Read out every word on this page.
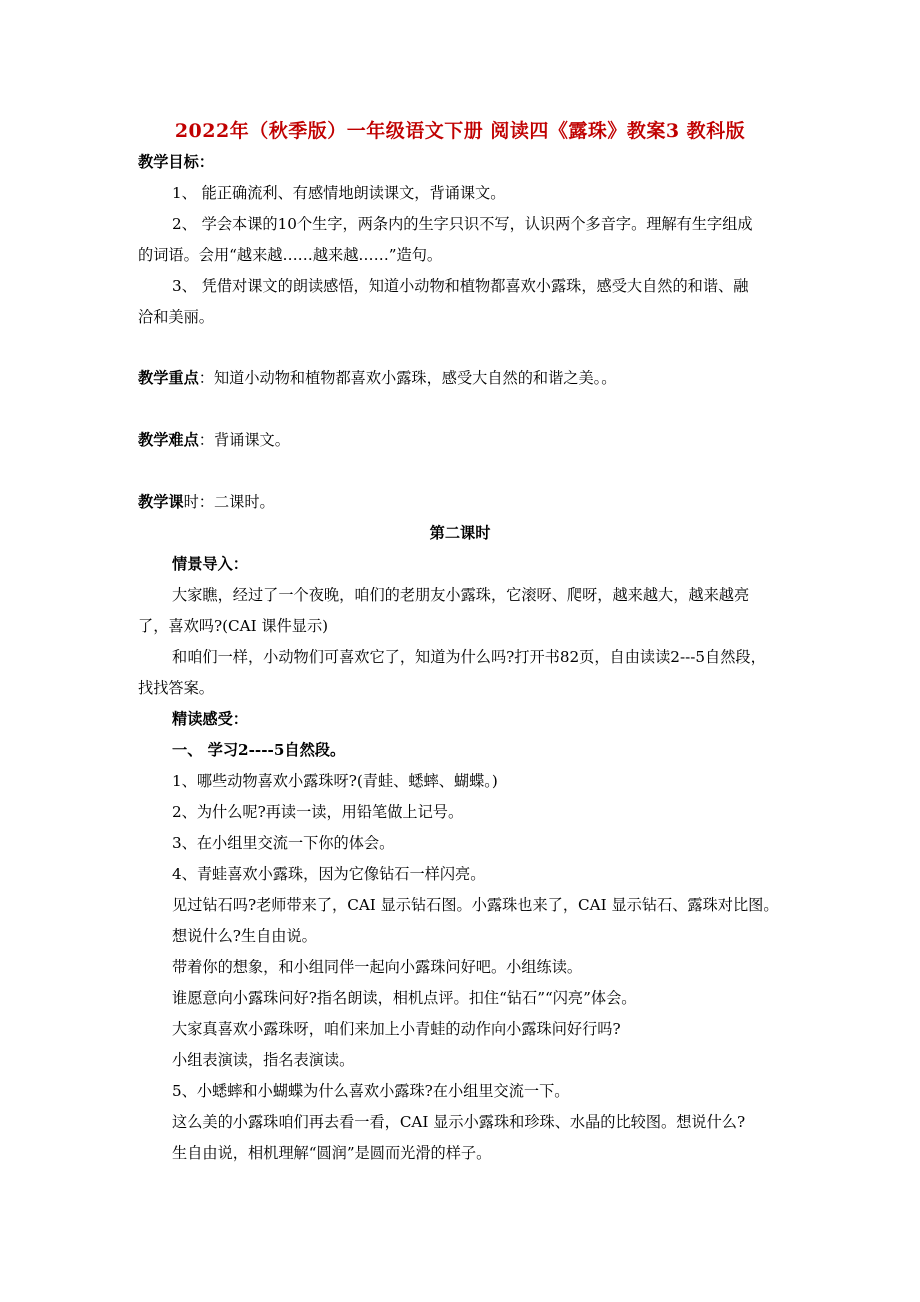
2022年（秋季版）一年级语文下册 阅读四《露珠》教案3 教科版
教学目标：
1、 能正确流利、有感情地朗读课文，背诵课文。
2、 学会本课的10个生字，两条内的生字只识不写，认识两个多音字。理解有生字组成
的词语。会用“越来越……越来越……”造句。
3、 凭借对课文的朗读感悟，知道小动物和植物都喜欢小露珠，感受大自然的和谐、融
洽和美丽。
教学重点：知道小动物和植物都喜欢小露珠，感受大自然的和谐之美。。
教学难点：背诵课文。
教学课时：二课时。
第二课时
情景导入：
大家瞧，经过了一个夜晚，咱们的老朋友小露珠，它滚呀、爬呀，越来越大，越来越亮
了，喜欢吗?(CAI 课件显示)
和咱们一样，小动物们可喜欢它了，知道为什么吗?打开书82页，自由读读2---5自然段，
找找答案。
精读感受：
一、 学习2----5自然段。
1、哪些动物喜欢小露珠呀?(青蛙、蟋蟀、蝴蝶。)
2、为什么呢?再读一读，用铅笔做上记号。
3、在小组里交流一下你的体会。
4、青蛙喜欢小露珠，因为它像钻石一样闪亮。
见过钻石吗?老师带来了，CAI 显示钻石图。小露珠也来了，CAI 显示钻石、露珠对比图。
想说什么?生自由说。
带着你的想象，和小组同伴一起向小露珠问好吧。小组练读。
谁愿意向小露珠问好?指名朗读，相机点评。扣住“钻石”“闪亮”体会。
大家真喜欢小露珠呀，咱们来加上小青蛙的动作向小露珠问好行吗?
小组表演读，指名表演读。
5、小蟋蟀和小蝴蝶为什么喜欢小露珠?在小组里交流一下。
这么美的小露珠咱们再去看一看，CAI 显示小露珠和珍珠、水晶的比较图。想说什么?
生自由说，相机理解“圆润”是圆而光滑的样子。
